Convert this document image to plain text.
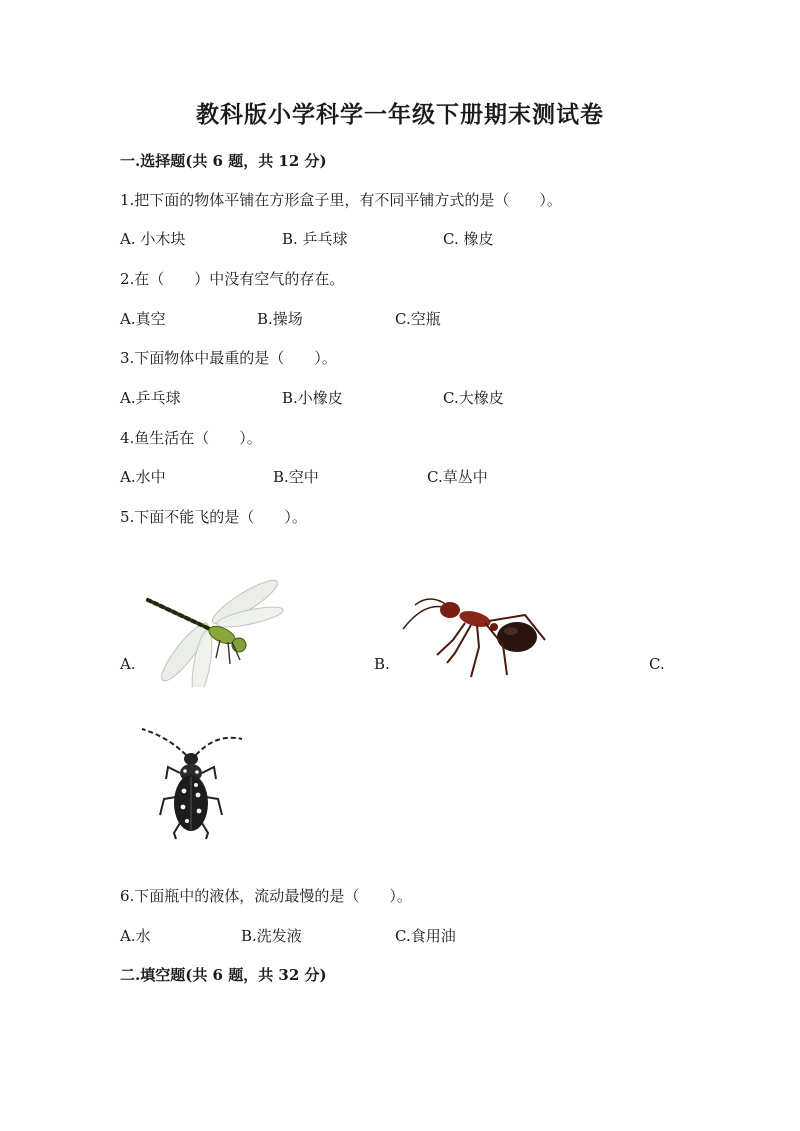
教科版小学科学一年级下册期末测试卷
一.选择题(共 6 题，共 12 分)
1.把下面的物体平铺在方形盒子里，有不同平铺方式的是（　　）。
A. 小木块	B. 乒乓球	C. 橡皮
2.在（　　）中没有空气的存在。
A.真空	B.操场	C.空瓶
3.下面物体中最重的是（　　）。
A.乒乓球	B.小橡皮	C.大橡皮
4.鱼生活在（　　）。
A.水中	B.空中	C.草丛中
5.下面不能飞的是（　　）。
A.	B.	C.
6.下面瓶中的液体，流动最慢的是（　　）。
A.水	B.洗发液	C.食用油
二.填空题(共 6 题，共 32 分)
